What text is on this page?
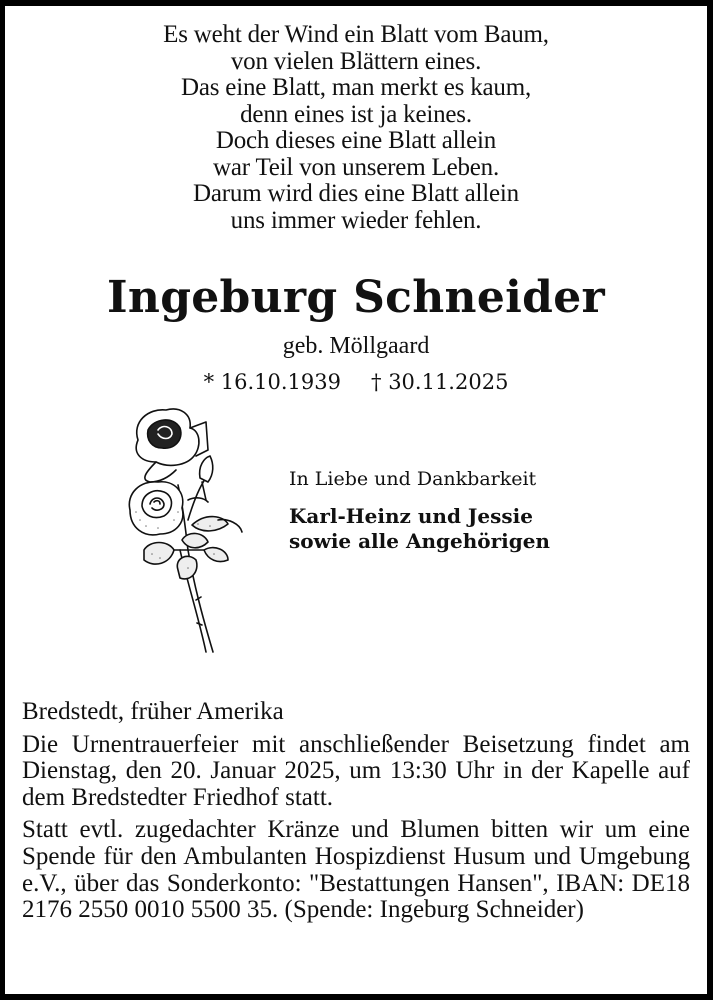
Es weht der Wind ein Blatt vom Baum,
von vielen Blättern eines.
Das eine Blatt, man merkt es kaum,
denn eines ist ja keines.
Doch dieses eine Blatt allein
war Teil von unserem Leben.
Darum wird dies eine Blatt allein
uns immer wieder fehlen.
Ingeburg Schneider
geb. Möllgaard
* 16.10.1939 † 30.11.2025
In Liebe und Dankbarkeit
Karl-Heinz und Jessie
sowie alle Angehörigen

Bredstedt, früher Amerika

Die Urnentrauerfeier mit anschließender Beisetzung findet am Dienstag, den 20. Januar 2025, um 13:30 Uhr in der Kapelle auf dem Bredstedter Friedhof statt.

Statt evtl. zugedachter Kränze und Blumen bitten wir um eine Spende für den Ambulanten Hospizdienst Husum und Umgebung e.V., über das Sonderkonto: "Bestattungen Hansen", IBAN: DE18 2176 2550 0010 5500 35. (Spende: Ingeburg Schneider)
